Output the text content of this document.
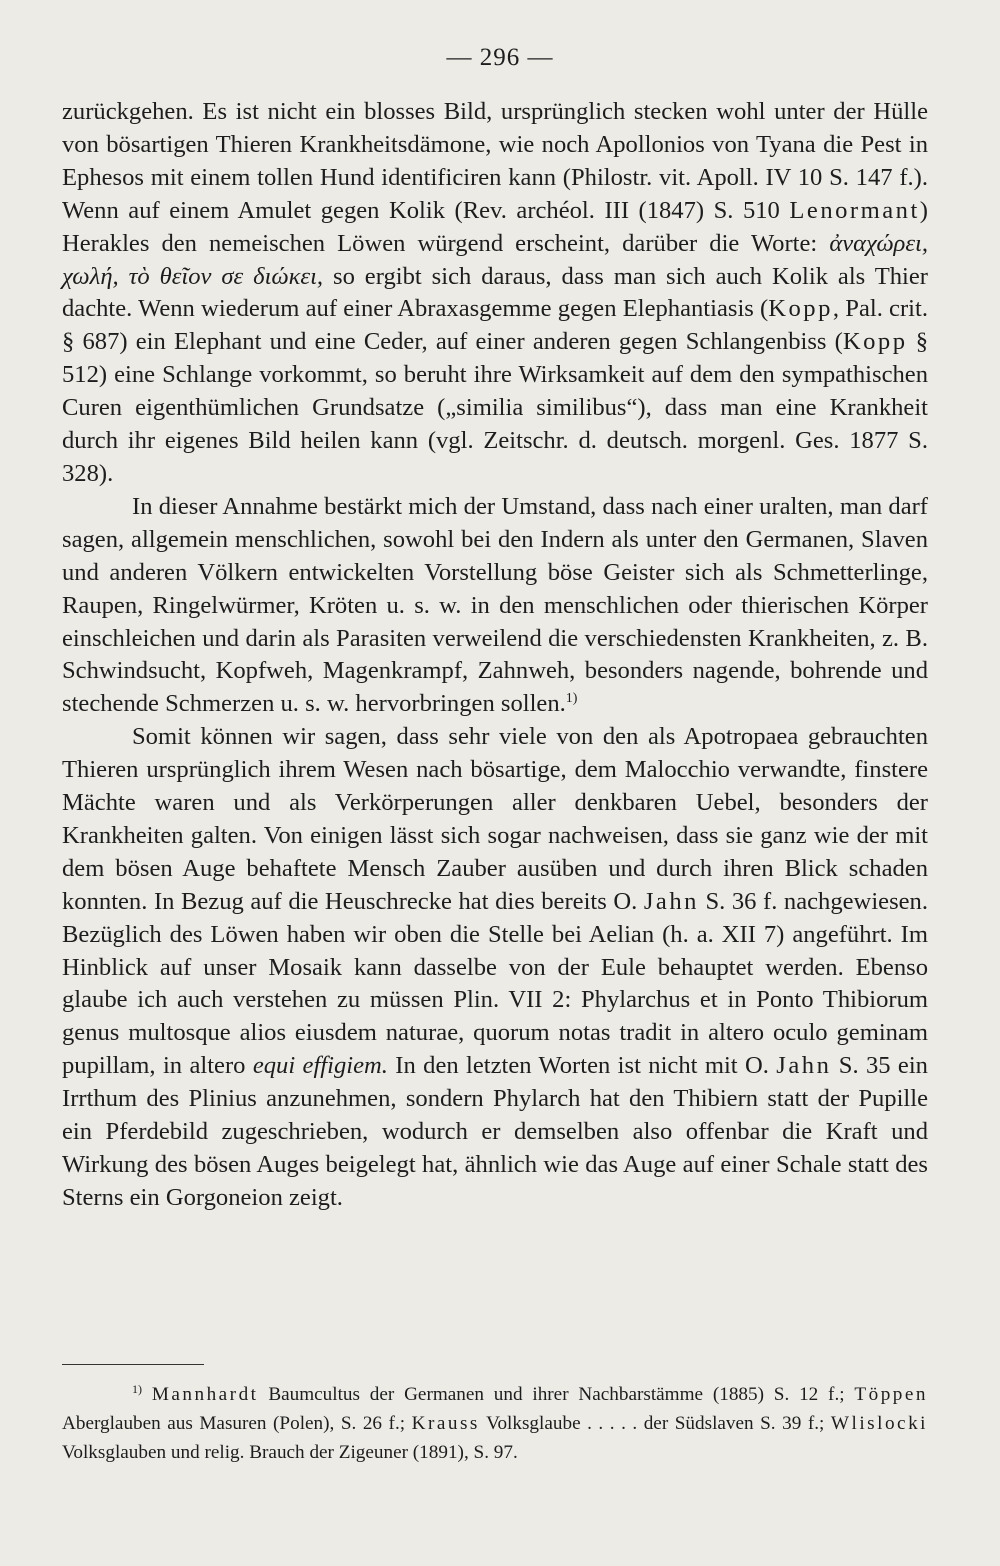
— 296 —

zurückgehen. Es ist nicht ein blosses Bild, ursprünglich stecken wohl unter der Hülle von bösartigen Thieren Krankheitsdämone, wie noch Apollonios von Tyana die Pest in Ephesos mit einem tollen Hund identificiren kann (Philostr. vit. Apoll. IV 10 S. 147 f.). Wenn auf einem Amulet gegen Kolik (Rev. archéol. III (1847) S. 510 Lenormant) Herakles den nemeischen Löwen würgend erscheint, darüber die Worte: ἀναχώρει, χωλή, τὸ θεῖον σε διώκει, so ergibt sich daraus, dass man sich auch Kolik als Thier dachte. Wenn wiederum auf einer Abraxasgemme gegen Elephantiasis (Kopp, Pal. crit. § 687) ein Elephant und eine Ceder, auf einer anderen gegen Schlangenbiss (Kopp § 512) eine Schlange vorkommt, so beruht ihre Wirksamkeit auf dem den sympathischen Curen eigenthümlichen Grundsatze („similia similibus“), dass man eine Krankheit durch ihr eigenes Bild heilen kann (vgl. Zeitschr. d. deutsch. morgenl. Ges. 1877 S. 328).

In dieser Annahme bestärkt mich der Umstand, dass nach einer uralten, man darf sagen, allgemein menschlichen, sowohl bei den Indern als unter den Germanen, Slaven und anderen Völkern entwickelten Vorstellung böse Geister sich als Schmetterlinge, Raupen, Ringelwürmer, Kröten u. s. w. in den menschlichen oder thierischen Körper einschleichen und darin als Parasiten verweilend die verschiedensten Krankheiten, z. B. Schwindsucht, Kopfweh, Magenkrampf, Zahnweh, besonders nagende, bohrende und stechende Schmerzen u. s. w. hervorbringen sollen.$^{1)}$

Somit können wir sagen, dass sehr viele von den als Apotropaea gebrauchten Thieren ursprünglich ihrem Wesen nach bösartige, dem Malocchio verwandte, finstere Mächte waren und als Verkörperungen aller denkbaren Uebel, besonders der Krankheiten galten. Von einigen lässt sich sogar nachweisen, dass sie ganz wie der mit dem bösen Auge behaftete Mensch Zauber ausüben und durch ihren Blick schaden konnten. In Bezug auf die Heuschrecke hat dies bereits O. Jahn S. 36 f. nachgewiesen. Bezüglich des Löwen haben wir oben die Stelle bei Aelian (h. a. XII 7) angeführt. Im Hinblick auf unser Mosaik kann dasselbe von der Eule behauptet werden. Ebenso glaube ich auch verstehen zu müssen Plin. VII 2: Phylarchus et in Ponto Thibiorum genus multosque alios eiusdem naturae, quorum notas tradit in altero oculo geminam pupillam, in altero equi effigiem. In den letzten Worten ist nicht mit O. Jahn S. 35 ein Irrthum des Plinius anzunehmen, sondern Phylarch hat den Thibiern statt der Pupille ein Pferdebild zugeschrieben, wodurch er demselben also offenbar die Kraft und Wirkung des bösen Auges beigelegt hat, ähnlich wie das Auge auf einer Schale statt des Sterns ein Gorgoneion zeigt.

$^{1)}$ Mannhardt Baumcultus der Germanen und ihrer Nachbarstämme (1885) S. 12 f.; Töppen Aberglauben aus Masuren (Polen), S. 26 f.; Krauss Volksglaube . . . . . der Südslaven S. 39 f.; Wlislocki Volksglauben und relig. Brauch der Zigeuner (1891), S. 97.
